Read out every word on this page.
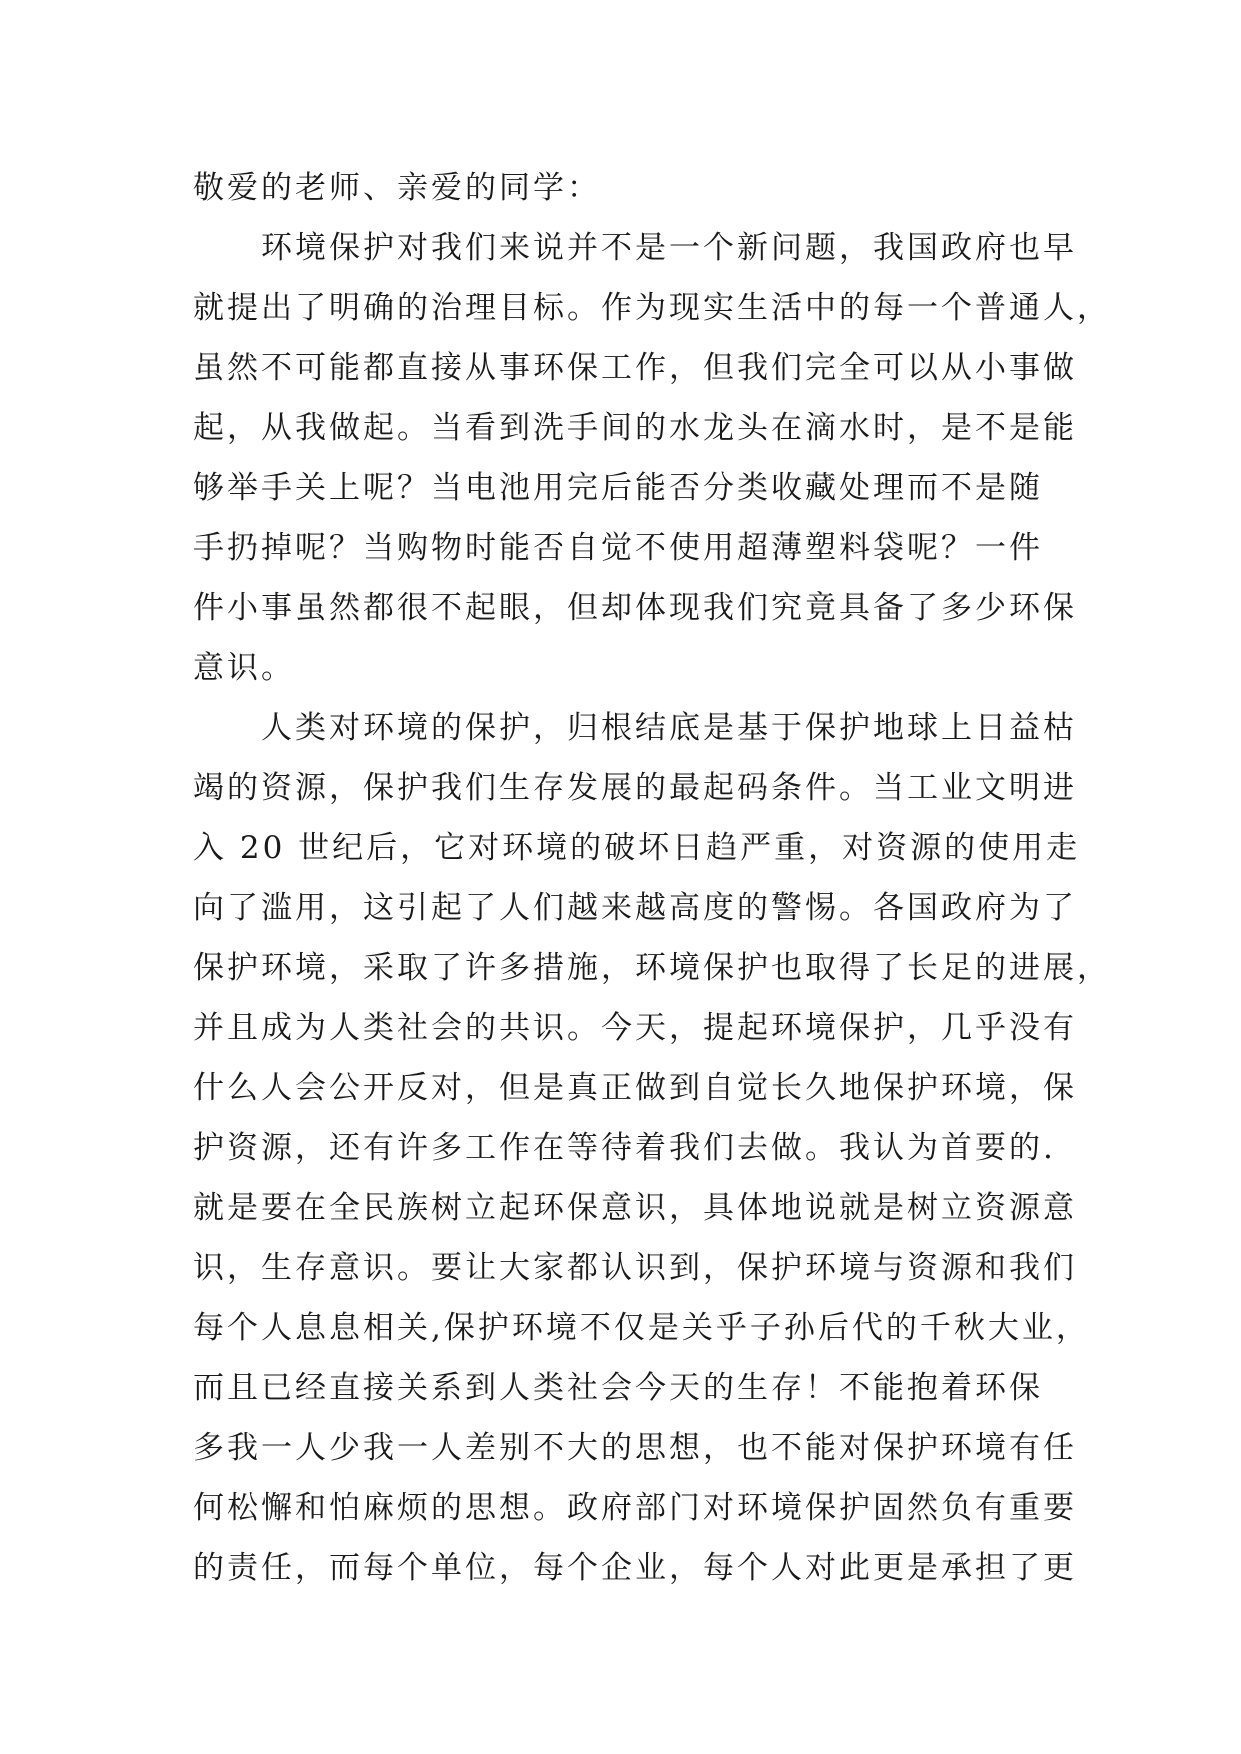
敬爱的老师、亲爱的同学：
　　环境保护对我们来说并不是一个新问题，我国政府也早
就提出了明确的治理目标。作为现实生活中的每一个普通人，
虽然不可能都直接从事环保工作，但我们完全可以从小事做
起，从我做起。当看到洗手间的水龙头在滴水时，是不是能
够举手关上呢？当电池用完后能否分类收藏处理而不是随
手扔掉呢？当购物时能否自觉不使用超薄塑料袋呢？一件
件小事虽然都很不起眼，但却体现我们究竟具备了多少环保
意识。
　　人类对环境的保护，归根结底是基于保护地球上日益枯
竭的资源，保护我们生存发展的最起码条件。当工业文明进
入 20 世纪后，它对环境的破坏日趋严重，对资源的使用走
向了滥用，这引起了人们越来越高度的警惕。各国政府为了
保护环境，采取了许多措施，环境保护也取得了长足的进展，
并且成为人类社会的共识。今天，提起环境保护，几乎没有
什么人会公开反对，但是真正做到自觉长久地保护环境，保
护资源，还有许多工作在等待着我们去做。我认为首要的.
就是要在全民族树立起环保意识，具体地说就是树立资源意
识，生存意识。要让大家都认识到，保护环境与资源和我们
每个人息息相关,保护环境不仅是关乎子孙后代的千秋大业，
而且已经直接关系到人类社会今天的生存！不能抱着环保
多我一人少我一人差别不大的思想，也不能对保护环境有任
何松懈和怕麻烦的思想。政府部门对环境保护固然负有重要
的责任，而每个单位，每个企业，每个人对此更是承担了更
